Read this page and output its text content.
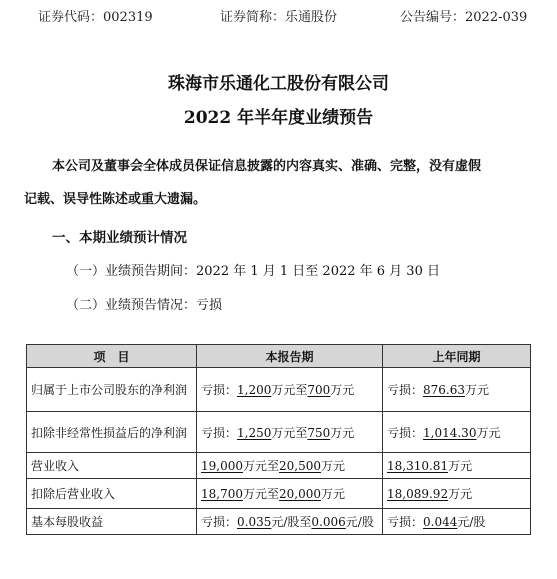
证券代码：002319	证券简称：乐通股份	公告编号：2022-039
珠海市乐通化工股份有限公司
2022 年半年度业绩预告
本公司及董事会全体成员保证信息披露的内容真实、准确、完整，没有虚假
记载、误导性陈述或重大遗漏。
一、本期业绩预计情况
（一）业绩预告期间：2022 年 1 月 1 日至 2022 年 6 月 30 日
（二）业绩预告情况：亏损
项　目	本报告期	上年同期
归属于上市公司股东的净利润	亏损：1,200万元至700万元	亏损：876.63万元
扣除非经常性损益后的净利润	亏损：1,250万元至750万元	亏损：1,014.30万元
营业收入	19,000万元至20,500万元	18,310.81万元
扣除后营业收入	18,700万元至20,000万元	18,089.92万元
基本每股收益	亏损：0.035元/股至0.006元/股	亏损：0.044元/股
